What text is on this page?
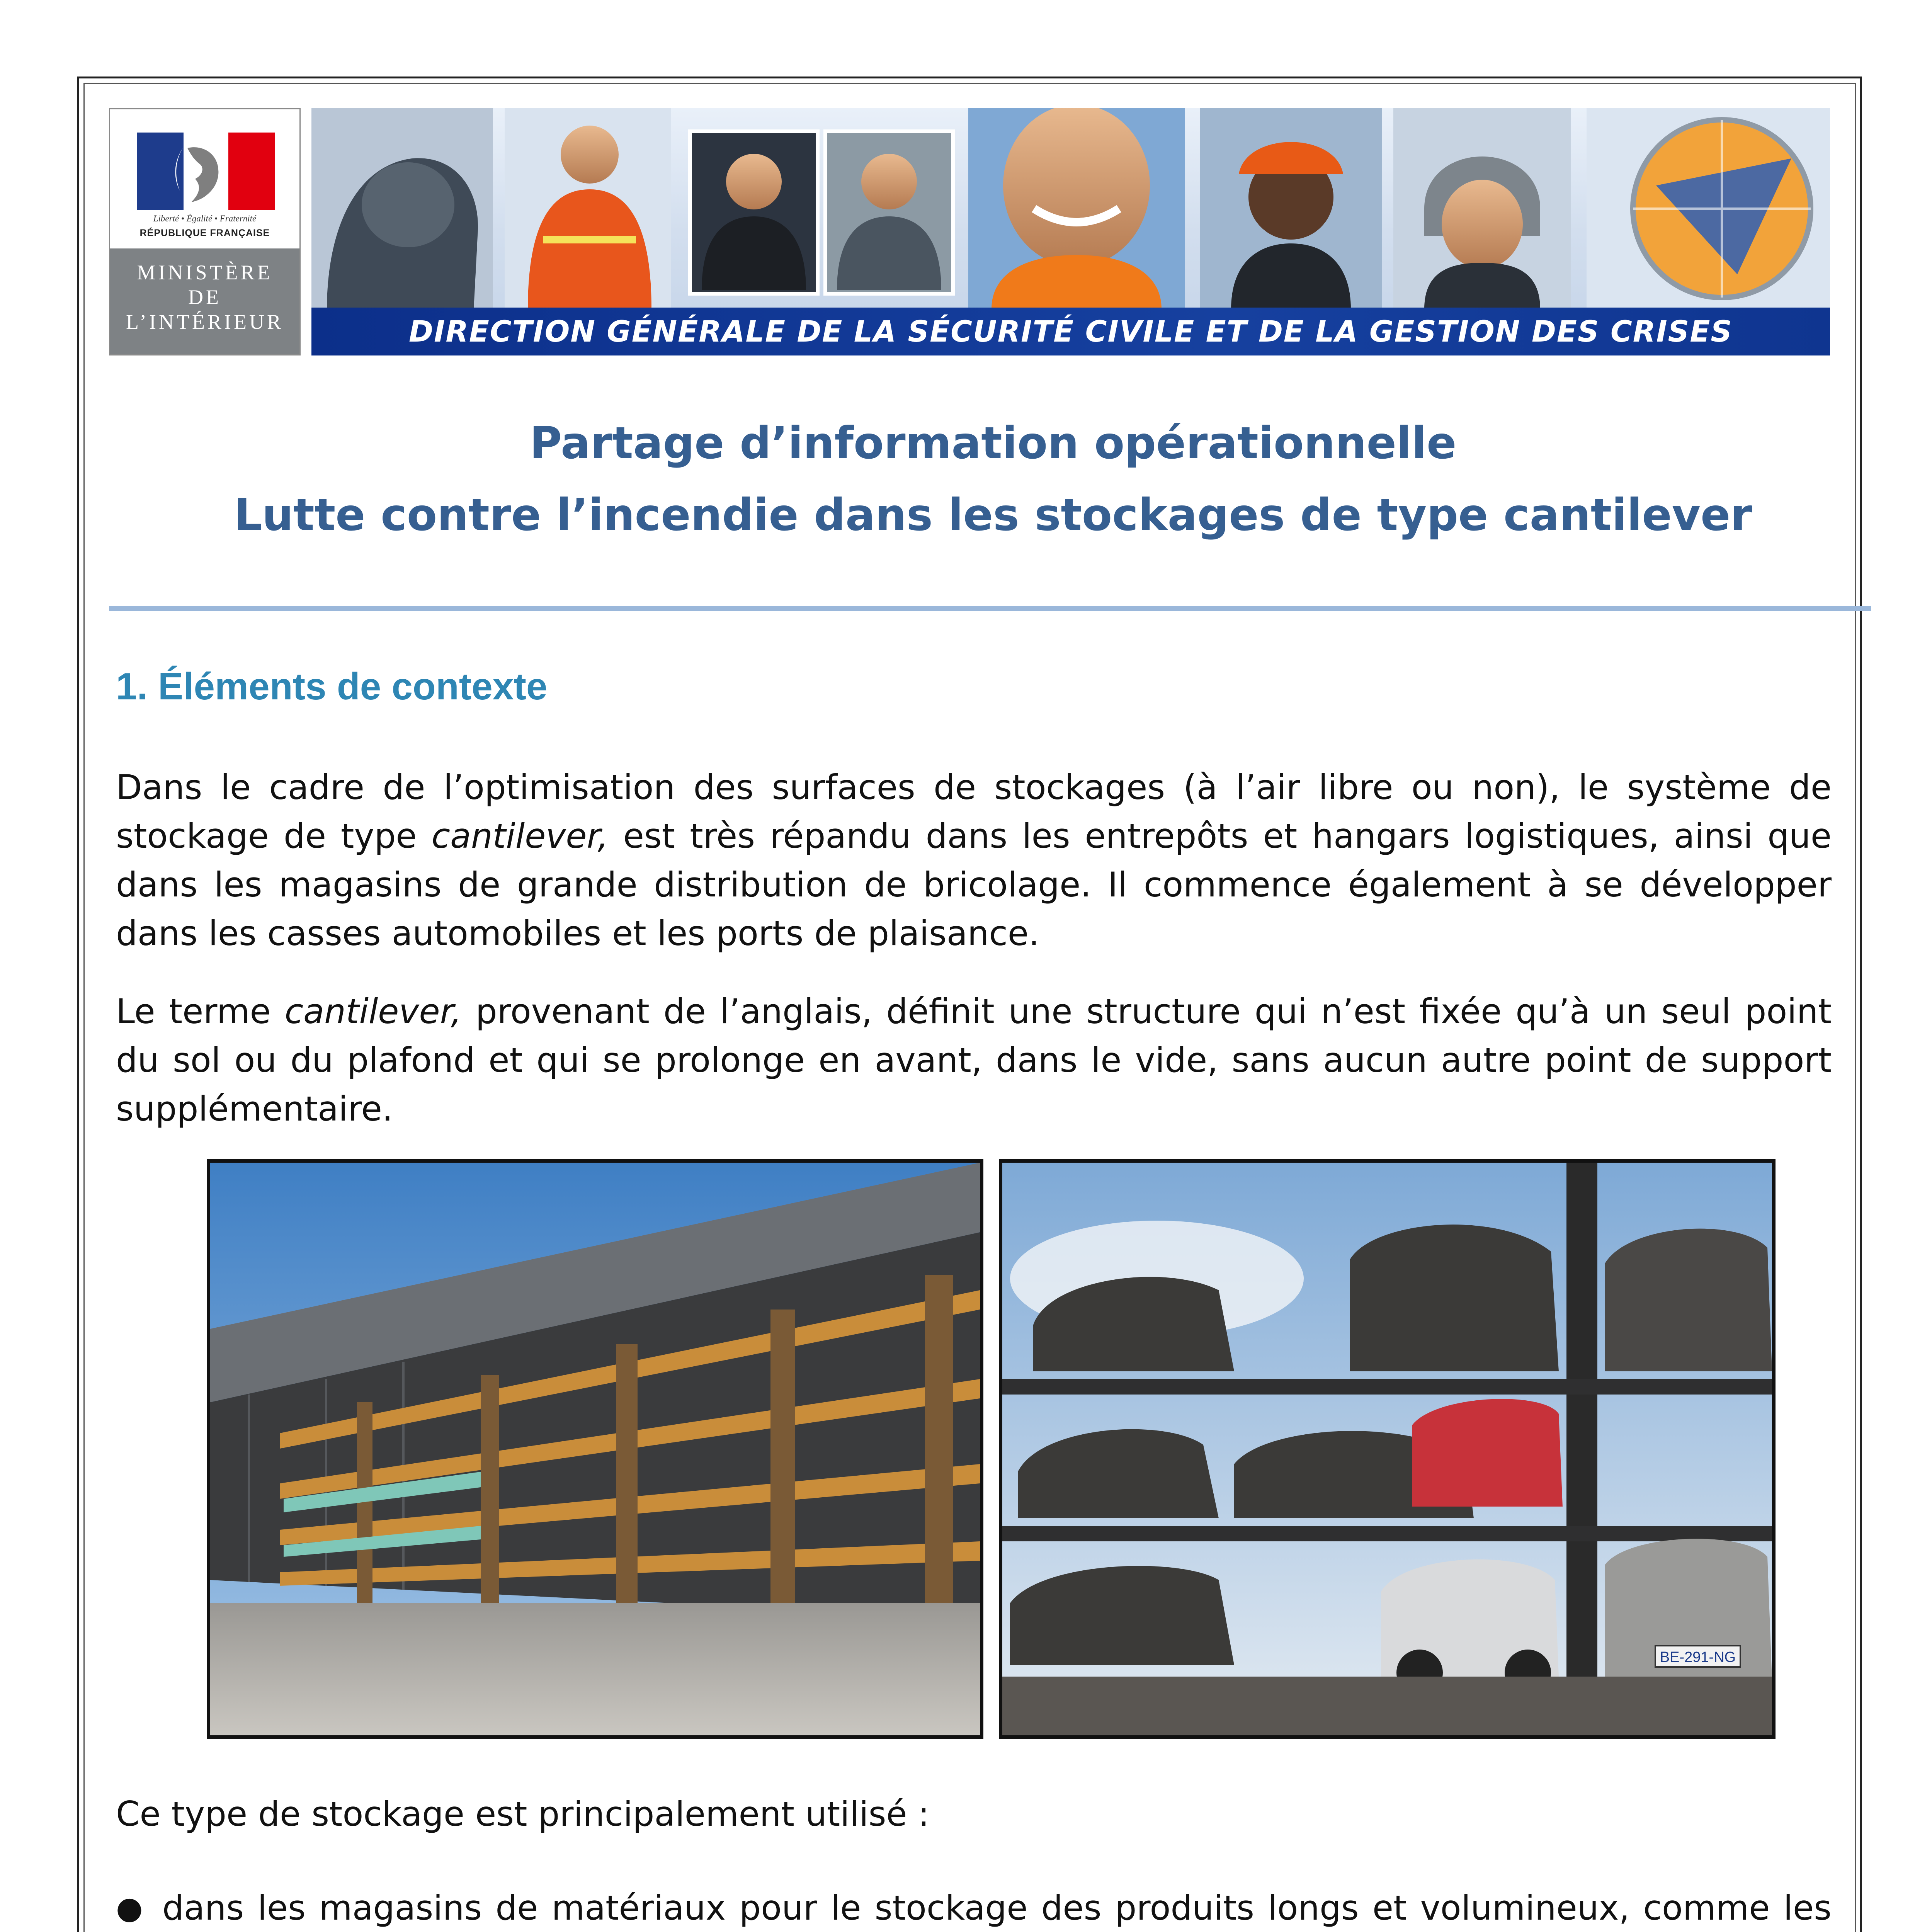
Liberté • Égalité • Fraternité
RÉPUBLIQUE FRANÇAISE
MINISTÈRE
DE
L’INTÉRIEUR	DIRECTION GÉNÉRALE DE LA SÉCURITÉ CIVILE ET DE LA GESTION DES CRISES
Partage d’information opérationnelle
Lutte contre l’incendie dans les stockages de type cantilever
1. Éléments de contexte
Dans le cadre de l’optimisation des surfaces de stockages (à l’air libre ou non), le système de stockage de type cantilever, est très répandu dans les entrepôts et hangars logistiques, ainsi que dans les magasins de grande distribution de bricolage. Il commence également à se développer dans les casses automobiles et les ports de plaisance.
Le terme cantilever, provenant de l’anglais, définit une structure qui n’est fixée qu’à un seul point du sol ou du plafond et qui se prolonge en avant, dans le vide, sans aucun autre point de support supplémentaire.
BE-291-NG
Ce type de stockage est principalement utilisé :
● dans les magasins de matériaux pour le stockage des produits longs et volumineux, comme les
